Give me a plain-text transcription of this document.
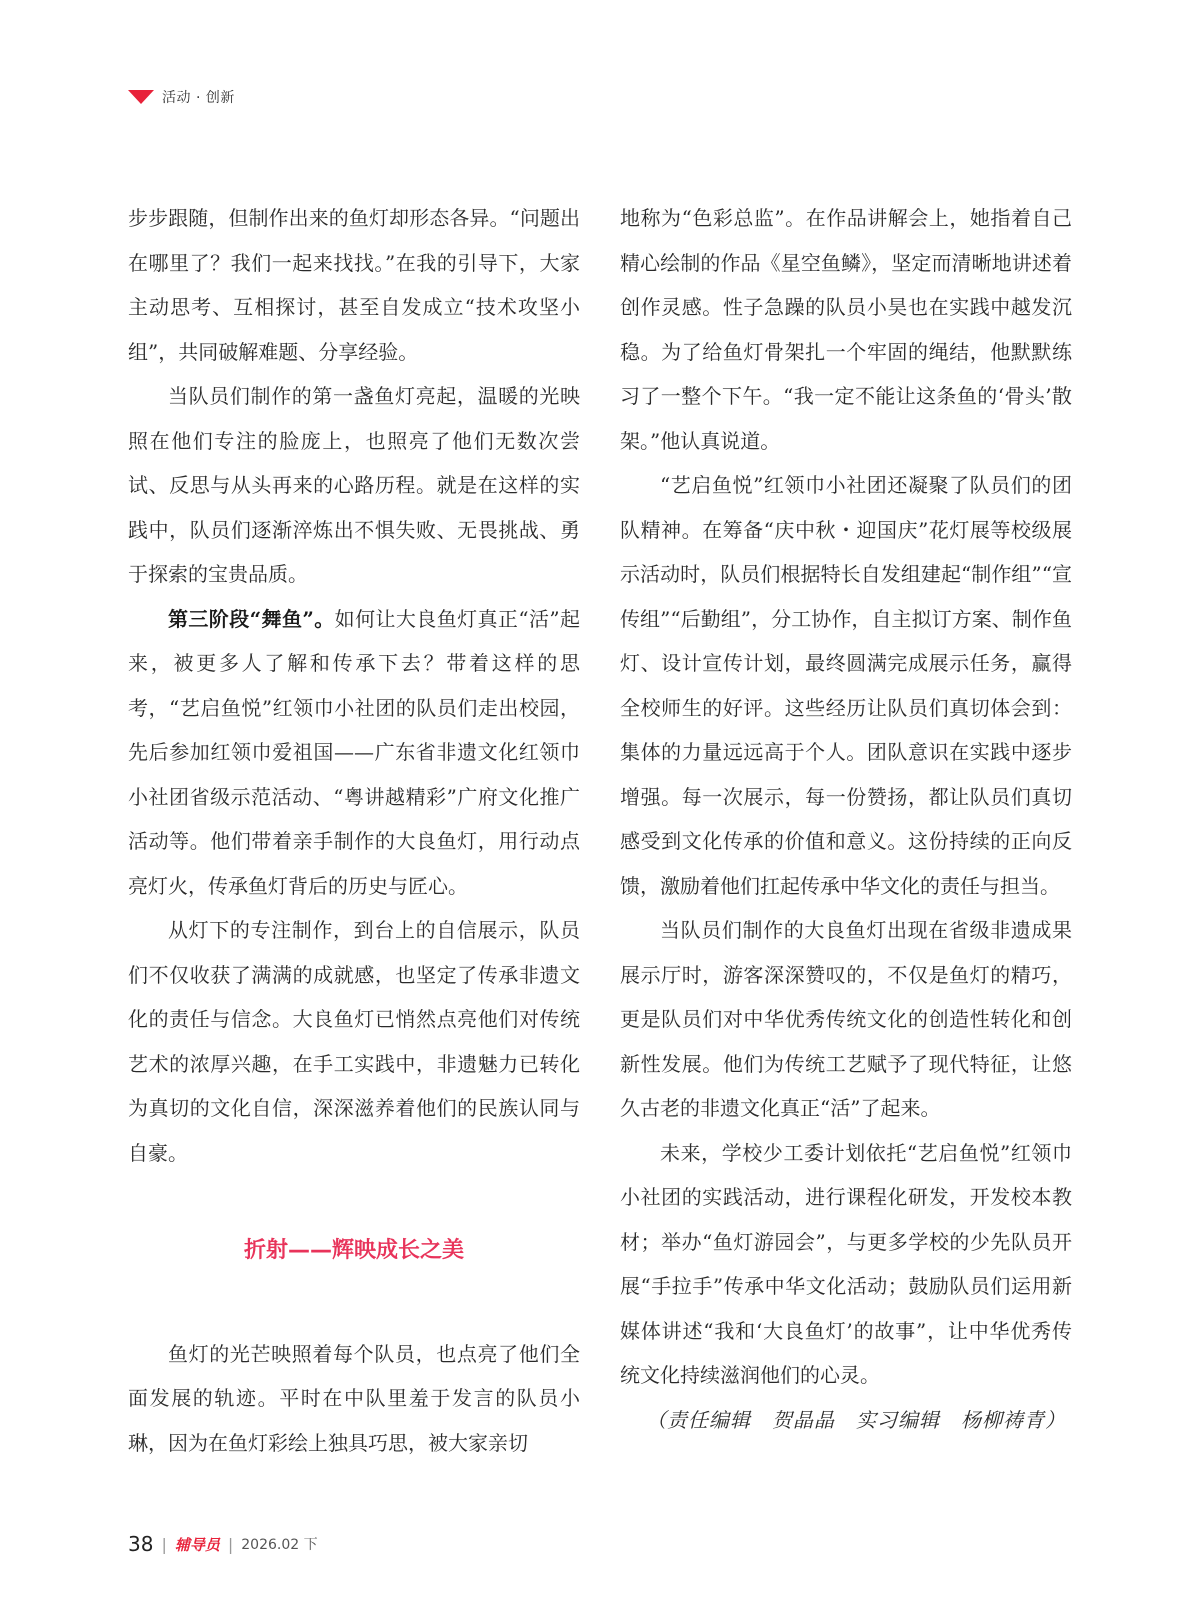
活动 · 创新

步步跟随，但制作出来的鱼灯却形态各异。“问题出在哪里了？我们一起来找找。”在我的引导下，大家主动思考、互相探讨，甚至自发成立“技术攻坚小组”，共同破解难题、分享经验。

当队员们制作的第一盏鱼灯亮起，温暖的光映照在他们专注的脸庞上，也照亮了他们无数次尝试、反思与从头再来的心路历程。就是在这样的实践中，队员们逐渐淬炼出不惧失败、无畏挑战、勇于探索的宝贵品质。

第三阶段“舞鱼”。如何让大良鱼灯真正“活”起来，被更多人了解和传承下去？带着这样的思考，“艺启鱼悦”红领巾小社团的队员们走出校园，先后参加红领巾爱祖国——广东省非遗文化红领巾小社团省级示范活动、“粤讲越精彩”广府文化推广活动等。他们带着亲手制作的大良鱼灯，用行动点亮灯火，传承鱼灯背后的历史与匠心。

从灯下的专注制作，到台上的自信展示，队员们不仅收获了满满的成就感，也坚定了传承非遗文化的责任与信念。大良鱼灯已悄然点亮他们对传统艺术的浓厚兴趣，在手工实践中，非遗魅力已转化为真切的文化自信，深深滋养着他们的民族认同与自豪。

折射——辉映成长之美

鱼灯的光芒映照着每个队员，也点亮了他们全面发展的轨迹。平时在中队里羞于发言的队员小琳，因为在鱼灯彩绘上独具巧思，被大家亲切

地称为“色彩总监”。在作品讲解会上，她指着自己精心绘制的作品《星空鱼鳞》，坚定而清晰地讲述着创作灵感。性子急躁的队员小昊也在实践中越发沉稳。为了给鱼灯骨架扎一个牢固的绳结，他默默练习了一整个下午。“我一定不能让这条鱼的‘骨头’散架。”他认真说道。

“艺启鱼悦”红领巾小社团还凝聚了队员们的团队精神。在筹备“庆中秋・迎国庆”花灯展等校级展示活动时，队员们根据特长自发组建起“制作组”“宣传组”“后勤组”，分工协作，自主拟订方案、制作鱼灯、设计宣传计划，最终圆满完成展示任务，赢得全校师生的好评。这些经历让队员们真切体会到：集体的力量远远高于个人。团队意识在实践中逐步增强。每一次展示，每一份赞扬，都让队员们真切感受到文化传承的价值和意义。这份持续的正向反馈，激励着他们扛起传承中华文化的责任与担当。

当队员们制作的大良鱼灯出现在省级非遗成果展示厅时，游客深深赞叹的，不仅是鱼灯的精巧，更是队员们对中华优秀传统文化的创造性转化和创新性发展。他们为传统工艺赋予了现代特征，让悠久古老的非遗文化真正“活”了起来。

未来，学校少工委计划依托“艺启鱼悦”红领巾小社团的实践活动，进行课程化研发，开发校本教材；举办“鱼灯游园会”，与更多学校的少先队员开展“手拉手”传承中华文化活动；鼓励队员们运用新媒体讲述“我和‘大良鱼灯’的故事”，让中华优秀传统文化持续滋润他们的心灵。

（责任编辑　贺晶晶　实习编辑　杨柳祷青）

38 | 辅导员 | 2026.02 下
